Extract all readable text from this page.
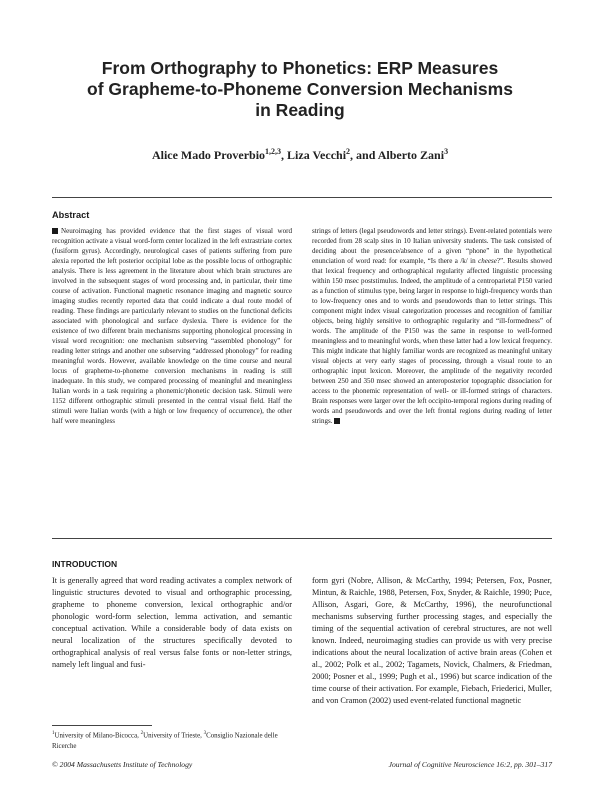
From Orthography to Phonetics: ERP Measures
of Grapheme-to-Phoneme Conversion Mechanisms
in Reading
Alice Mado Proverbio$^{1,2,3}$, Liza Vecchi$^2$, and Alberto Zani$^3$
Abstract
Neuroimaging has provided evidence that the first stages of visual word recognition activate a visual word-form center localized in the left extrastriate cortex (fusiform gyrus). Accordingly, neurological cases of patients suffering from pure alexia reported the left posterior occipital lobe as the possible locus of orthographic analysis. There is less agreement in the literature about which brain structures are involved in the subsequent stages of word processing and, in particular, their time course of activation. Functional magnetic resonance imaging and magnetic source imaging studies recently reported data that could indicate a dual route model of reading. These findings are particularly relevant to studies on the functional deficits associated with phonological and surface dyslexia. There is evidence for the existence of two different brain mechanisms supporting phonological processing in visual word recognition: one mechanism subserving “assembled phonology” for reading letter strings and another one subserving “addressed phonology” for reading meaningful words. However, available knowledge on the time course and neural locus of grapheme-to-phoneme conversion mechanisms in reading is still inadequate. In this study, we compared processing of meaningful and meaningless Italian words in a task requiring a phonemic/phonetic decision task. Stimuli were 1152 different orthographic stimuli presented in the central visual field. Half the stimuli were Italian words (with a high or low frequency of occurrence), the other half were meaningless
strings of letters (legal pseudowords and letter strings). Event-related potentials were recorded from 28 scalp sites in 10 Italian university students. The task consisted of deciding about the presence/absence of a given “phone” in the hypothetical enunciation of word read: for example, “Is there a /k/ in cheese?”. Results showed that lexical frequency and orthographical regularity affected linguistic processing within 150 msec poststimulus. Indeed, the amplitude of a centroparietal P150 varied as a function of stimulus type, being larger in response to high-frequency words than to low-frequency ones and to words and pseudowords than to letter strings. This component might index visual categorization processes and recognition of familiar objects, being highly sensitive to orthographic regularity and “ill-formedness” of words. The amplitude of the P150 was the same in response to well-formed meaningless and to meaningful words, when these latter had a low lexical frequency. This might indicate that highly familiar words are recognized as meaningful unitary visual objects at very early stages of processing, through a visual route to an orthographic input lexicon. Moreover, the amplitude of the negativity recorded between 250 and 350 msec showed an anteroposterior topographic dissociation for access to the phonemic representation of well- or ill-formed strings of characters. Brain responses were larger over the left occipito-temporal regions during reading of words and pseudowords and over the left frontal regions during reading of letter strings.
INTRODUCTION
It is generally agreed that word reading activates a complex network of linguistic structures devoted to visual and orthographic processing, grapheme to phoneme conversion, lexical orthographic and/or phonologic word-form selection, lemma activation, and semantic conceptual activation. While a considerable body of data exists on neural localization of the structures specifically devoted to orthographical analysis of real versus false fonts or non-letter strings, namely left lingual and fusi-
form gyri (Nobre, Allison, & McCarthy, 1994; Petersen, Fox, Posner, Mintun, & Raichle, 1988, Petersen, Fox, Snyder, & Raichle, 1990; Puce, Allison, Asgari, Gore, & McCarthy, 1996), the neurofunctional mechanisms subserving further processing stages, and especially the timing of the sequential activation of cerebral structures, are not well known. Indeed, neuroimaging studies can provide us with very precise indications about the neural localization of active brain areas (Cohen et al., 2002; Polk et al., 2002; Tagamets, Novick, Chalmers, & Friedman, 2000; Posner et al., 1999; Pugh et al., 1996) but scarce indication of the time course of their activation. For example, Fiebach, Friederici, Muller, and von Cramon (2002) used event-related functional magnetic
$^1$University of Milano-Bicocca, $^2$University of Trieste, $^3$Consiglio Nazionale delle Ricerche
© 2004 Massachusetts Institute of Technology	Journal of Cognitive Neuroscience 16:2, pp. 301–317
